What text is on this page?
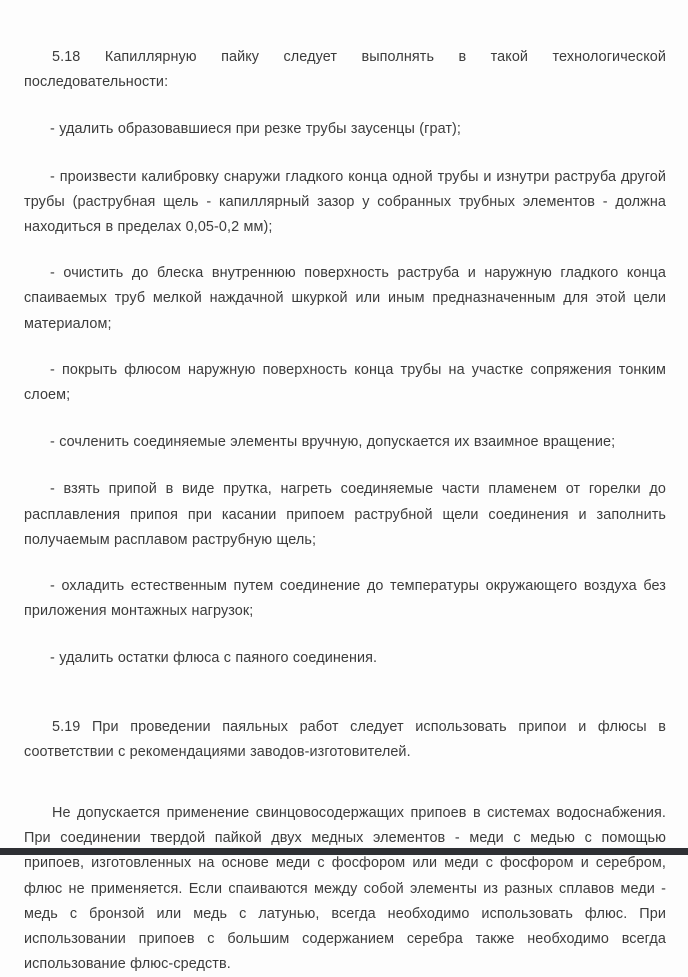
5.18 Капиллярную пайку следует выполнять в такой технологической последовательности:

- удалить образовавшиеся при резке трубы заусенцы (грат);

- произвести калибровку снаружи гладкого конца одной трубы и изнутри раструба другой трубы (раструбная щель - капиллярный зазор у собранных трубных элементов - должна находиться в пределах 0,05-0,2 мм);

- очистить до блеска внутреннюю поверхность раструба и наружную гладкого конца спаиваемых труб мелкой наждачной шкуркой или иным предназначенным для этой цели материалом;

- покрыть флюсом наружную поверхность конца трубы на участке сопряжения тонким слоем;

- сочленить соединяемые элементы вручную, допускается их взаимное вращение;

- взять припой в виде прутка, нагреть соединяемые части пламенем от горелки до расплавления припоя при касании припоем раструбной щели соединения и заполнить получаемым расплавом раструбную щель;

- охладить естественным путем соединение до температуры окружающего воздуха без приложения монтажных нагрузок;

- удалить остатки флюса с паяного соединения.

5.19 При проведении паяльных работ следует использовать припои и флюсы в соответствии с рекомендациями заводов-изготовителей.

Не допускается применение свинцовосодержащих припоев в системах водоснабжения. При соединении твердой пайкой двух медных элементов - меди с медью с помощью припоев, изготовленных на основе меди с фосфором или меди с фосфором и серебром, флюс не применяется. Если спаиваются между собой элементы из разных сплавов меди - медь с бронзой или медь с латунью, всегда необходимо использовать флюс. При использовании припоев с большим содержанием серебра также необходимо всегда использование флюс-средств.
